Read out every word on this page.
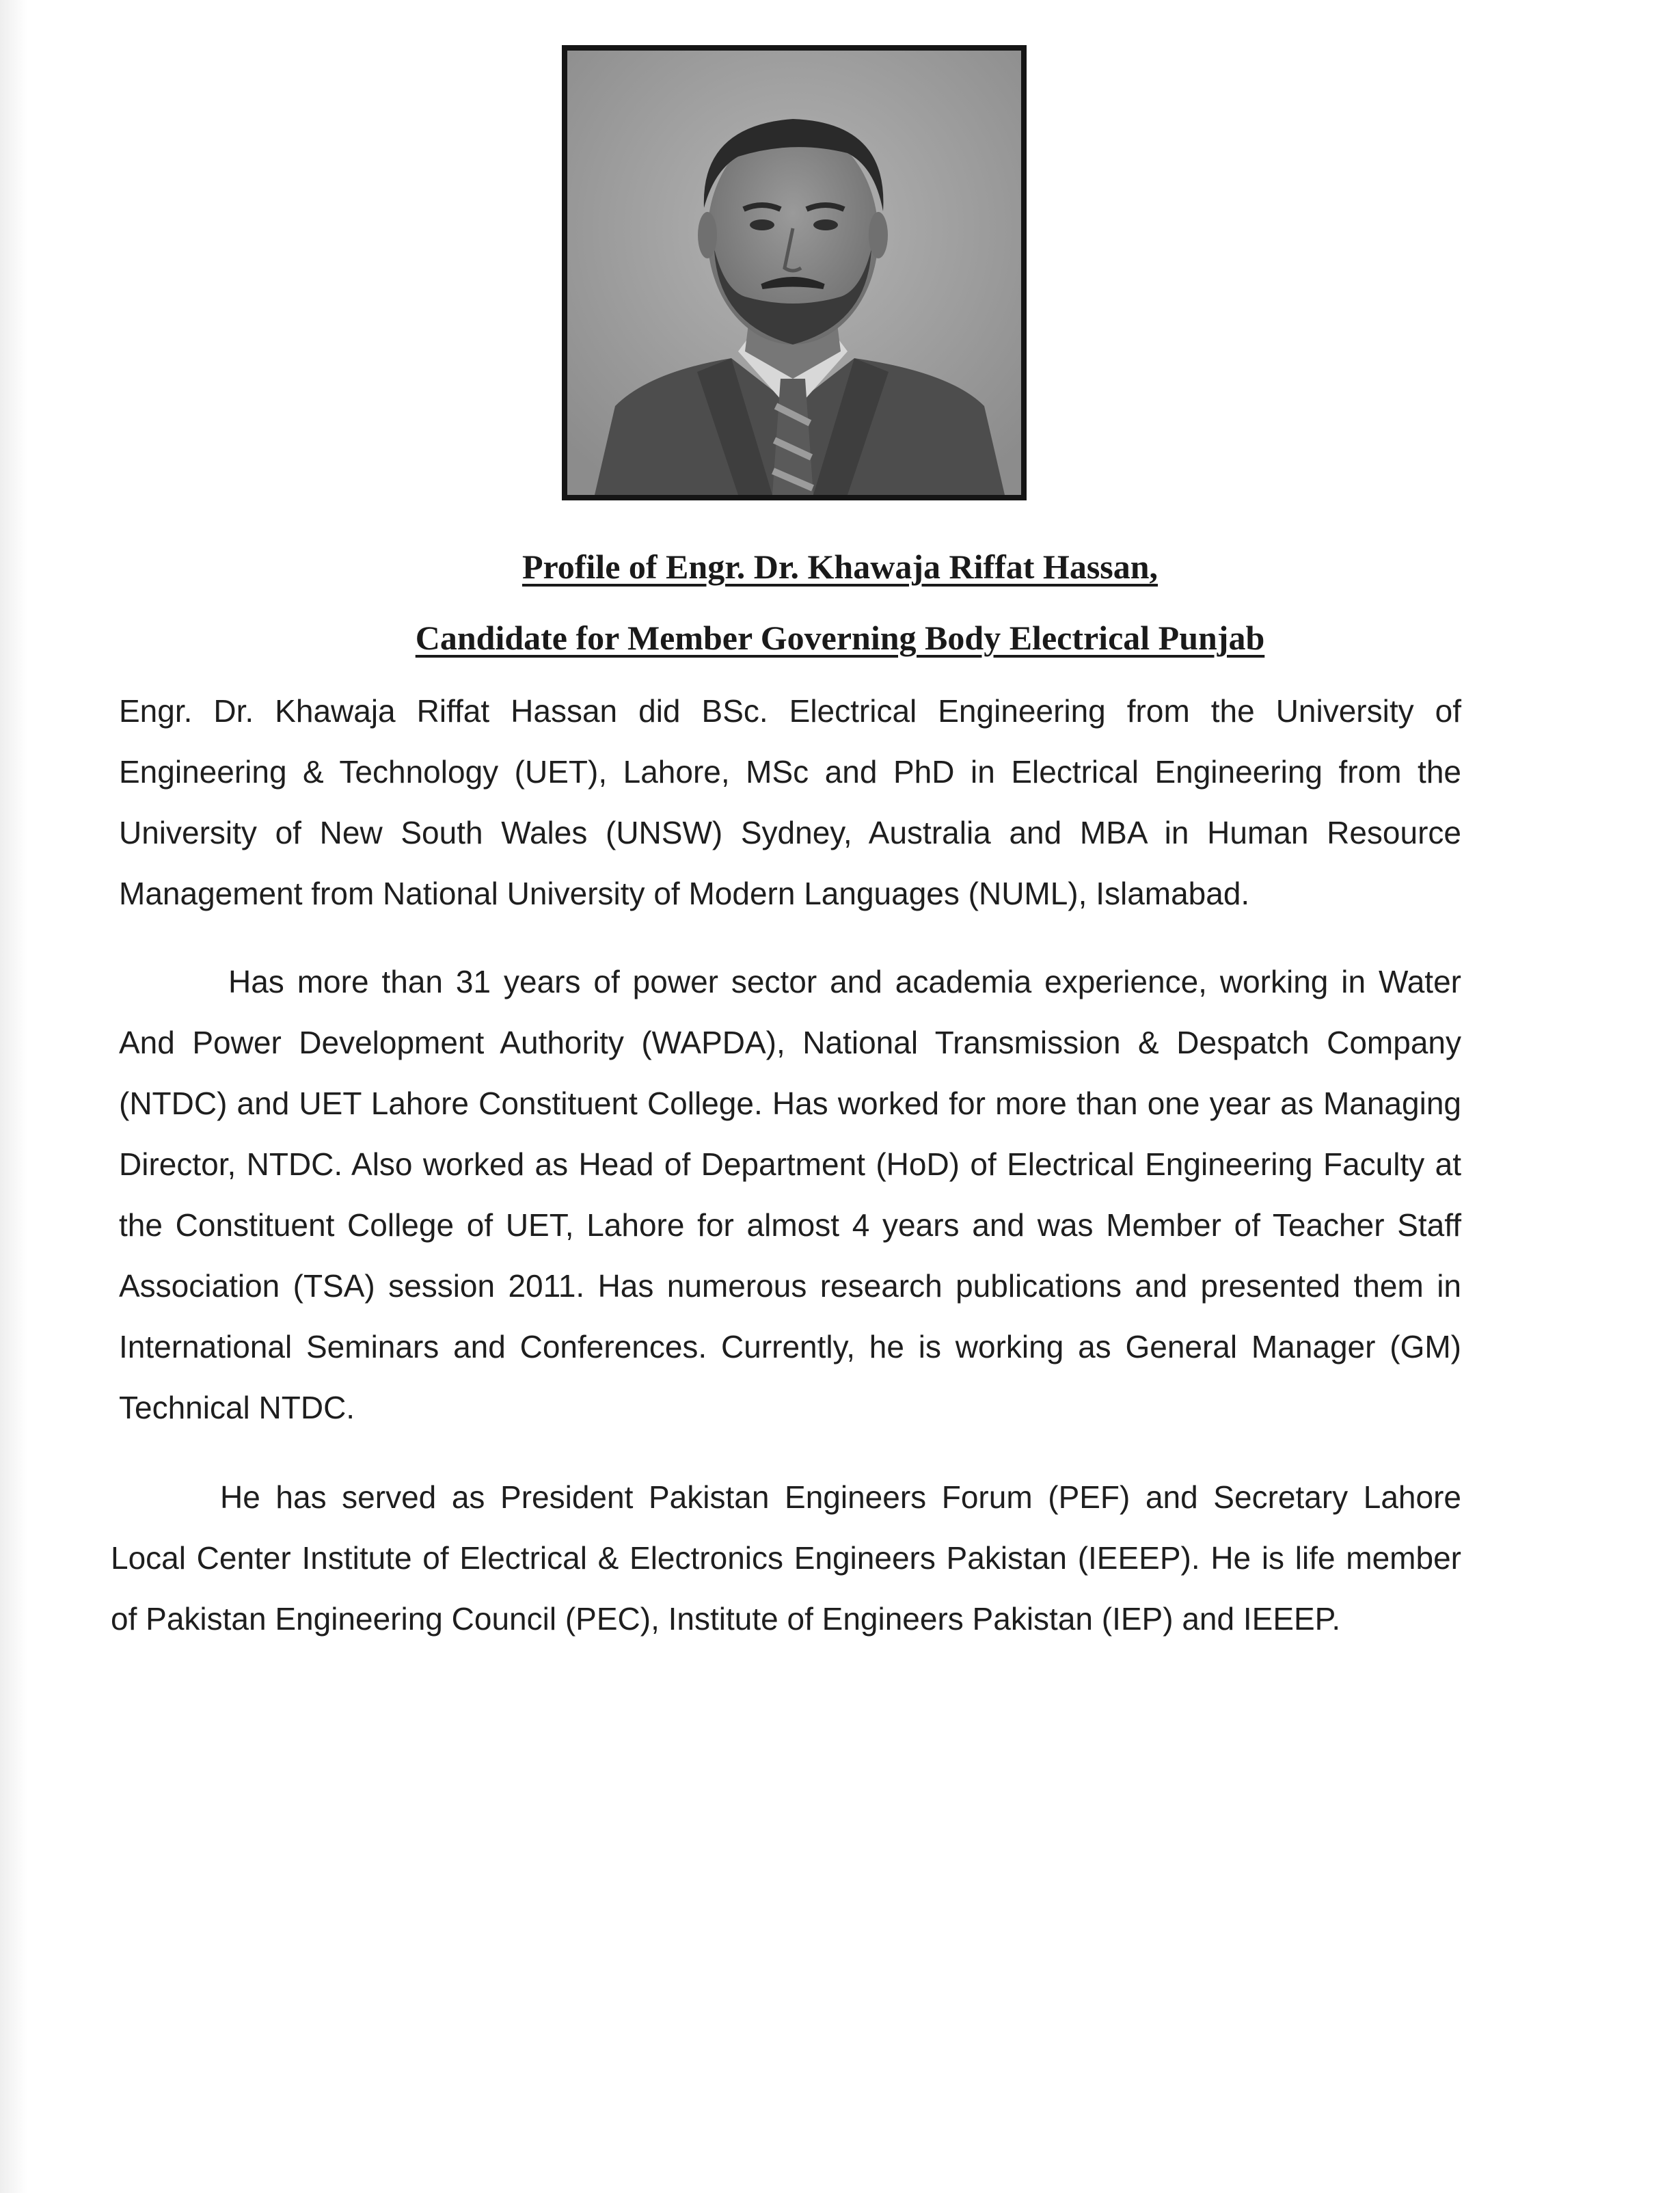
Profile of Engr. Dr. Khawaja Riffat Hassan,
Candidate for Member Governing Body Electrical Punjab

Engr. Dr. Khawaja Riffat Hassan did BSc. Electrical Engineering from the University of Engineering & Technology (UET), Lahore, MSc and PhD in Electrical Engineering from the University of New South Wales (UNSW) Sydney, Australia and MBA in Human Resource Management from National University of Modern Languages (NUML), Islamabad.

Has more than 31 years of power sector and academia experience, working in Water And Power Development Authority (WAPDA), National Transmission & Despatch Company (NTDC) and UET Lahore Constituent College. Has worked for more than one year as Managing Director, NTDC. Also worked as Head of Department (HoD) of Electrical Engineering Faculty at the Constituent College of UET, Lahore for almost 4 years and was Member of Teacher Staff Association (TSA) session 2011. Has numerous research publications and presented them in International Seminars and Conferences. Currently, he is working as General Manager (GM) Technical NTDC.

He has served as President Pakistan Engineers Forum (PEF) and Secretary Lahore Local Center Institute of Electrical & Electronics Engineers Pakistan (IEEEP). He is life member of Pakistan Engineering Council (PEC), Institute of Engineers Pakistan (IEP) and IEEEP.
